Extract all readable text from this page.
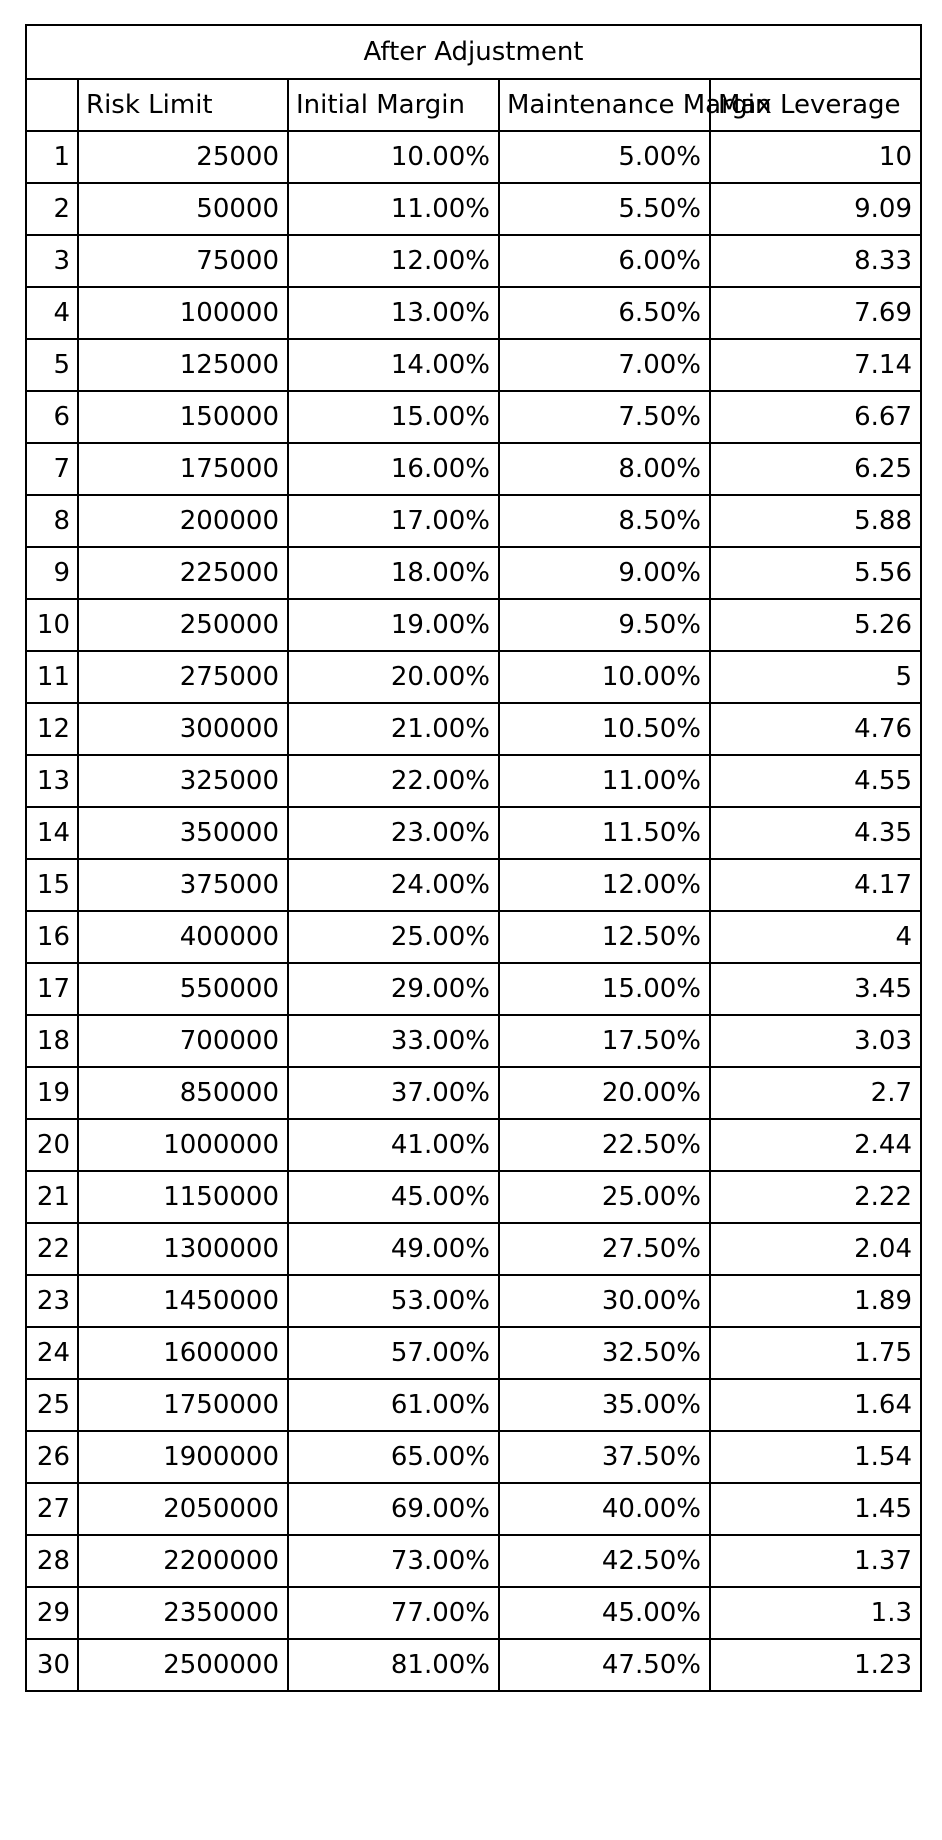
After Adjustment				
	Risk Limit	Initial Margin	Maintenance Margin	Max Leverage
1	25000	10.00%	5.00%	10
2	50000	11.00%	5.50%	9.09
3	75000	12.00%	6.00%	8.33
4	100000	13.00%	6.50%	7.69
5	125000	14.00%	7.00%	7.14
6	150000	15.00%	7.50%	6.67
7	175000	16.00%	8.00%	6.25
8	200000	17.00%	8.50%	5.88
9	225000	18.00%	9.00%	5.56
10	250000	19.00%	9.50%	5.26
11	275000	20.00%	10.00%	5
12	300000	21.00%	10.50%	4.76
13	325000	22.00%	11.00%	4.55
14	350000	23.00%	11.50%	4.35
15	375000	24.00%	12.00%	4.17
16	400000	25.00%	12.50%	4
17	550000	29.00%	15.00%	3.45
18	700000	33.00%	17.50%	3.03
19	850000	37.00%	20.00%	2.7
20	1000000	41.00%	22.50%	2.44
21	1150000	45.00%	25.00%	2.22
22	1300000	49.00%	27.50%	2.04
23	1450000	53.00%	30.00%	1.89
24	1600000	57.00%	32.50%	1.75
25	1750000	61.00%	35.00%	1.64
26	1900000	65.00%	37.50%	1.54
27	2050000	69.00%	40.00%	1.45
28	2200000	73.00%	42.50%	1.37
29	2350000	77.00%	45.00%	1.3
30	2500000	81.00%	47.50%	1.23
